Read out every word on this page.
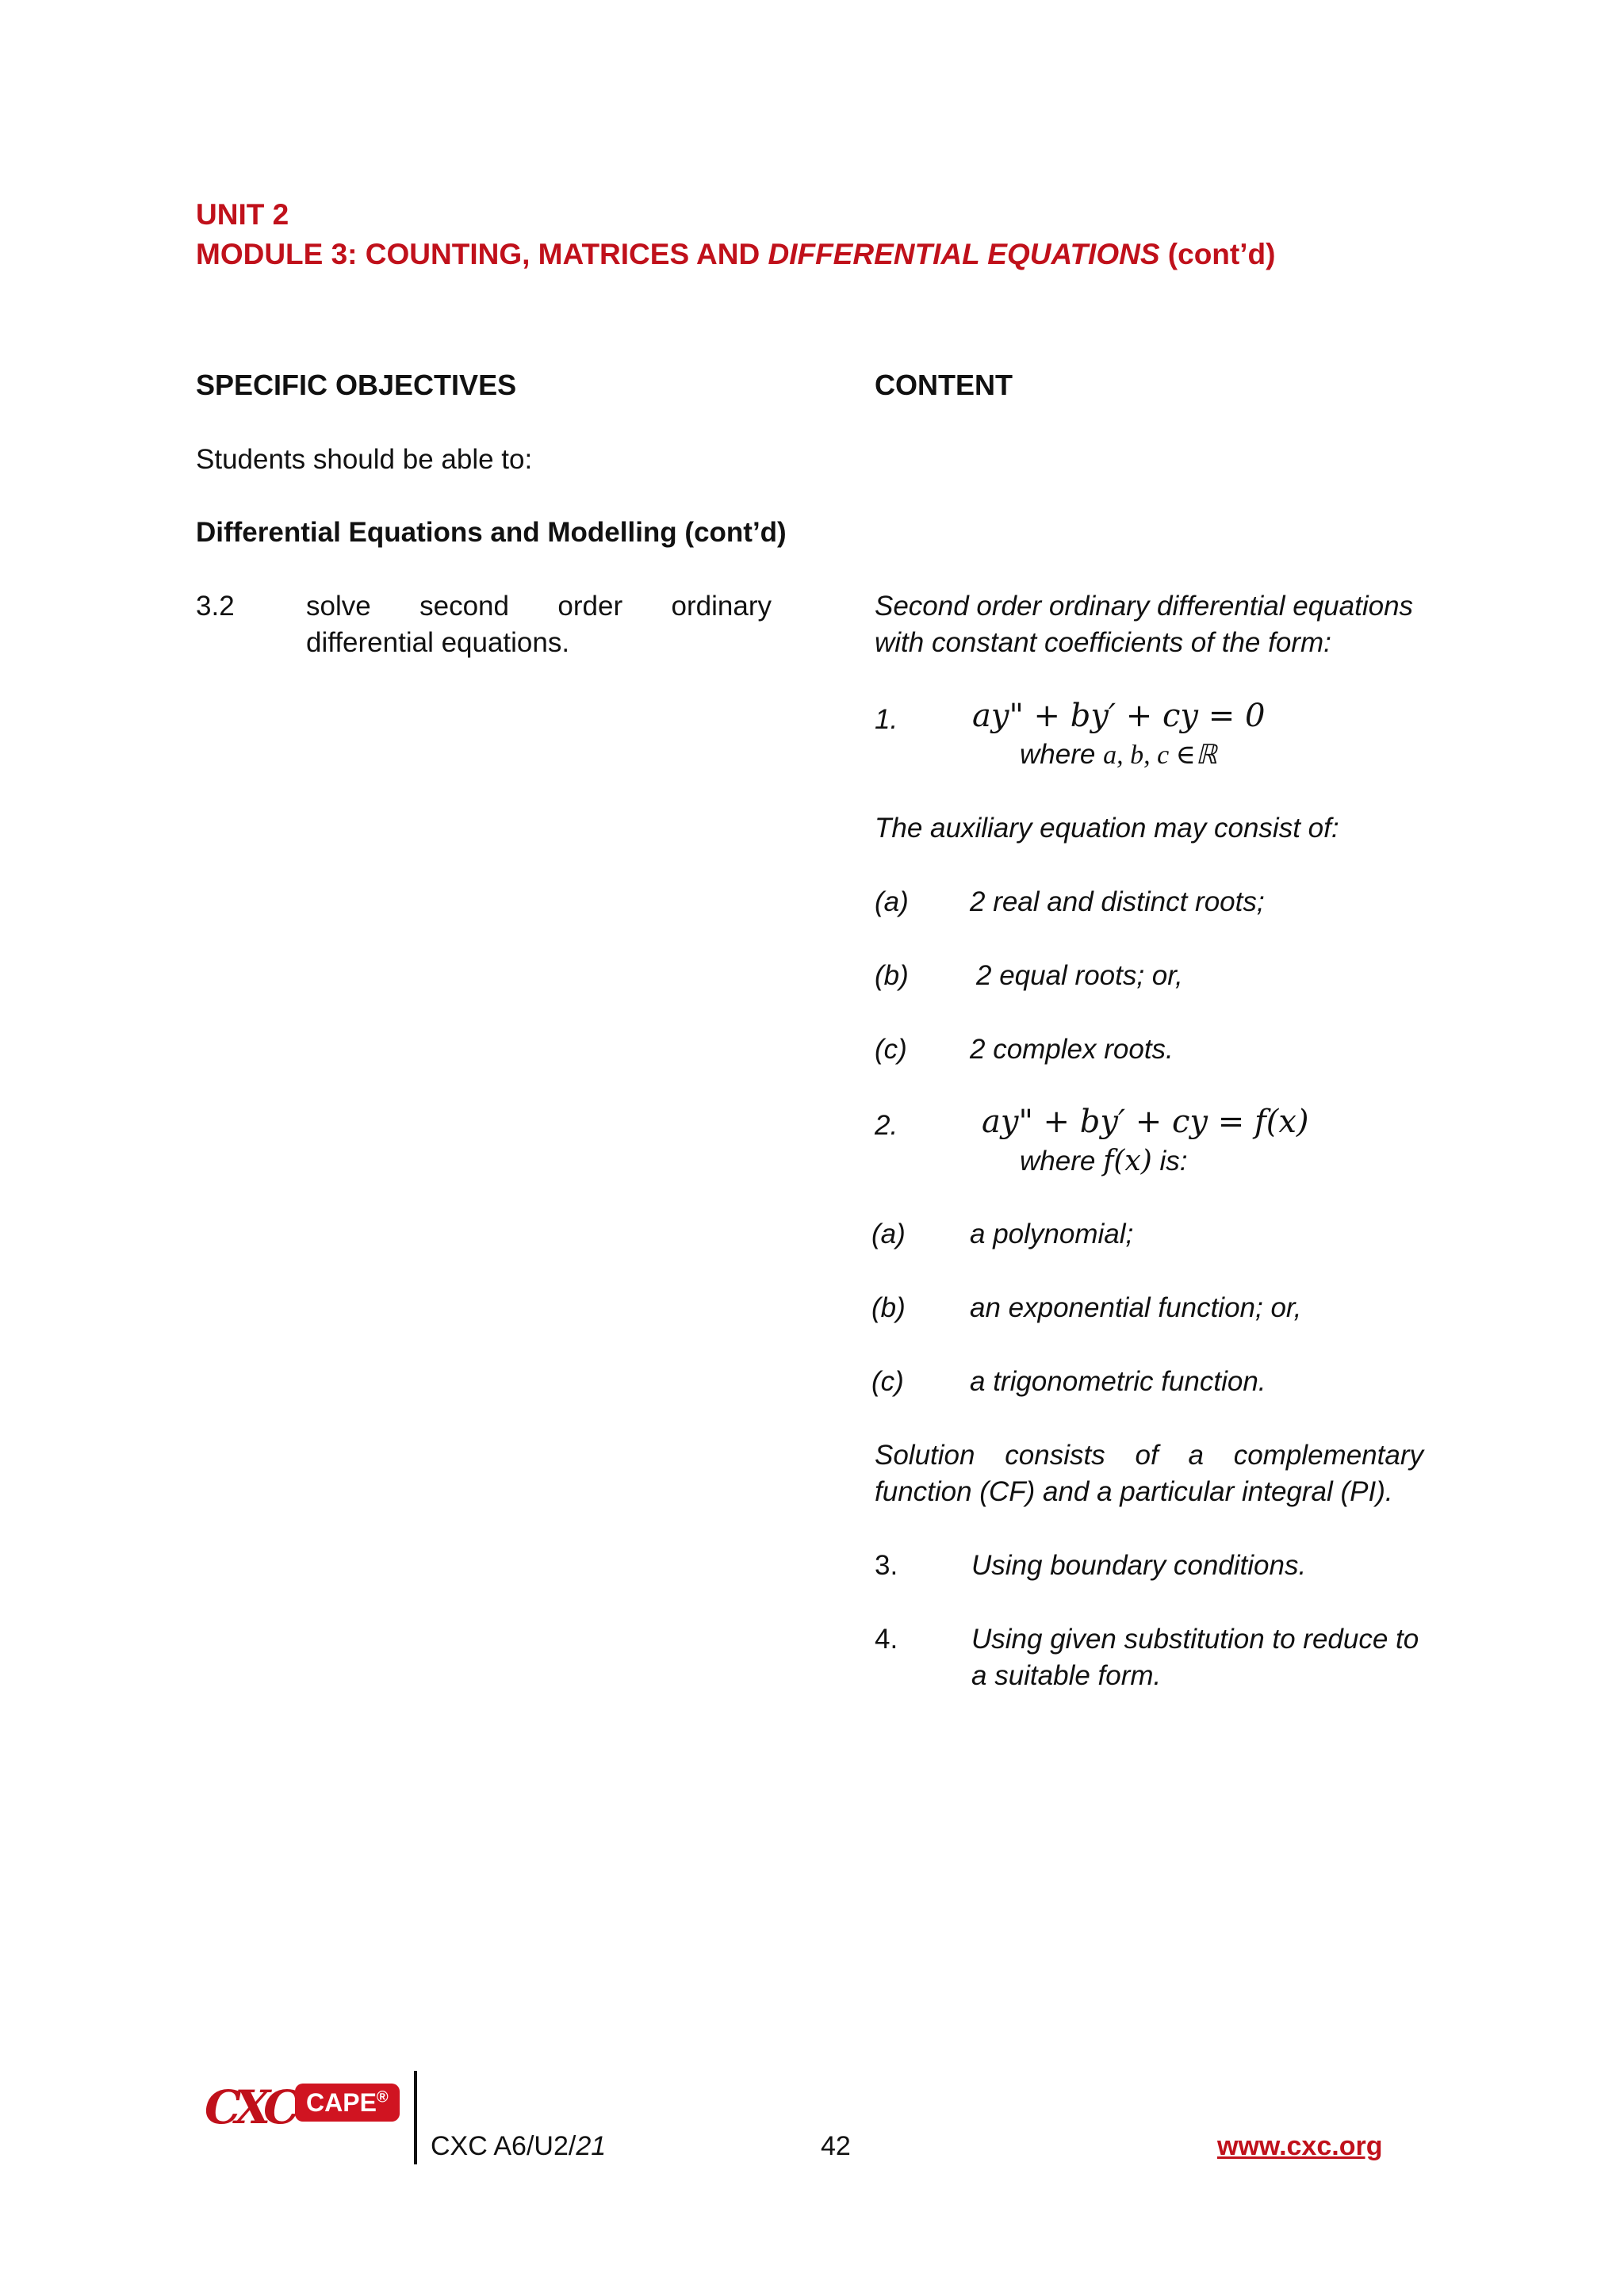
UNIT 2
MODULE 3: COUNTING, MATRICES AND DIFFERENTIAL EQUATIONS (cont’d)
SPECIFIC OBJECTIVES	CONTENT
Students should be able to:
Differential Equations and Modelling (cont’d)
3.2	solve second order ordinary
differential equations.
Second order ordinary differential equations
with constant coefficients of the form:
1. ay" + by′ + cy = 0
where a, b, c ∈ℝ
The auxiliary equation may consist of:
(a) 2 real and distinct roots;
(b) 2 equal roots; or,
(c) 2 complex roots.
2.	ay" + by′ + cy = f(x)
where f(x) is:
(a) a polynomial;
(b) an exponential function; or,
(c) a trigonometric function.
Solution consists of a complementary
function (CF) and a particular integral (PI).
3.	Using boundary conditions.
4.	Using given substitution to reduce to
a suitable form.
CXC CAPE®
CXC A6/U2/21	42	www.cxc.org
